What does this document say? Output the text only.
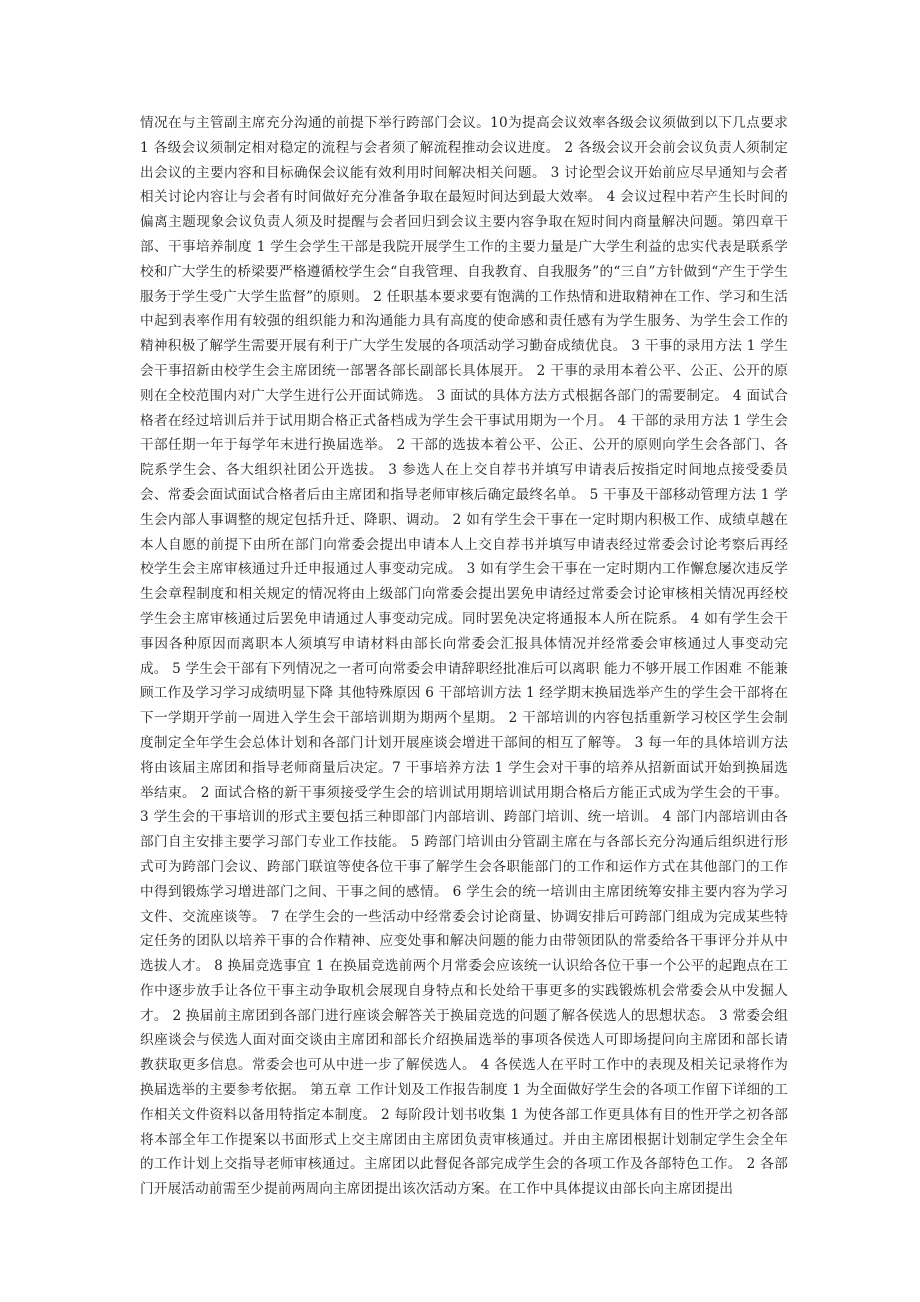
情况在与主管副主席充分沟通的前提下举行跨部门会议。10为提高会议效率各级会议须做到以下几点要求 1 各级会议须制定相对稳定的流程与会者须了解流程推动会议进度。 2 各级会议开会前会议负责人须制定出会议的主要内容和目标确保会议能有效利用时间解决相关问题。 3 讨论型会议开始前应尽早通知与会者相关讨论内容让与会者有时间做好充分准备争取在最短时间达到最大效率。 4 会议过程中若产生长时间的偏离主题现象会议负责人须及时提醒与会者回归到会议主要内容争取在短时间内商量解决问题。第四章干部、干事培养制度 1 学生会学生干部是我院开展学生工作的主要力量是广大学生利益的忠实代表是联系学校和广大学生的桥梁要严格遵循校学生会“自我管理、自我教育、自我服务”的“三自”方针做到“产生于学生服务于学生受广大学生监督”的原则。 2 任职基本要求要有饱满的工作热情和进取精神在工作、学习和生活中起到表率作用有较强的组织能力和沟通能力具有高度的使命感和责任感有为学生服务、为学生会工作的精神积极了解学生需要开展有利于广大学生发展的各项活动学习勤奋成绩优良。 3 干事的录用方法 1 学生会干事招新由校学生会主席团统一部署各部长副部长具体展开。 2 干事的录用本着公平、公正、公开的原则在全校范围内对广大学生进行公开面试筛选。 3 面试的具体方法方式根据各部门的需要制定。 4 面试合格者在经过培训后并于试用期合格正式备档成为学生会干事试用期为一个月。 4 干部的录用方法 1 学生会干部任期一年于每学年末进行换届选举。 2 干部的选拔本着公平、公正、公开的原则向学生会各部门、各院系学生会、各大组织社团公开选拔。 3 参选人在上交自荐书并填写申请表后按指定时间地点接受委员会、常委会面试面试合格者后由主席团和指导老师审核后确定最终名单。 5 干事及干部移动管理方法 1 学生会内部人事调整的规定包括升迁、降职、调动。 2 如有学生会干事在一定时期内积极工作、成绩卓越在本人自愿的前提下由所在部门向常委会提出申请本人上交自荐书并填写申请表经过常委会讨论考察后再经校学生会主席审核通过升迁申报通过人事变动完成。 3 如有学生会干事在一定时期内工作懈怠屡次违反学生会章程制度和相关规定的情况将由上级部门向常委会提出罢免申请经过常委会讨论审核相关情况再经校学生会主席审核通过后罢免申请通过人事变动完成。同时罢免决定将通报本人所在院系。 4 如有学生会干事因各种原因而离职本人须填写申请材料由部长向常委会汇报具体情况并经常委会审核通过人事变动完成。 5 学生会干部有下列情况之一者可向常委会申请辞职经批准后可以离职 能力不够开展工作困难 不能兼顾工作及学习学习成绩明显下降 其他特殊原因 6 干部培训方法 1 经学期末换届选举产生的学生会干部将在下一学期开学前一周进入学生会干部培训期为期两个星期。 2 干部培训的内容包括重新学习校区学生会制度制定全年学生会总体计划和各部门计划开展座谈会增进干部间的相互了解等。 3 每一年的具体培训方法将由该届主席团和指导老师商量后决定。7 干事培养方法 1 学生会对干事的培养从招新面试开始到换届选举结束。 2 面试合格的新干事须接受学生会的培训试用期培训试用期合格后方能正式成为学生会的干事。 3 学生会的干事培训的形式主要包括三种即部门内部培训、跨部门培训、统一培训。 4 部门内部培训由各部门自主安排主要学习部门专业工作技能。 5 跨部门培训由分管副主席在与各部长充分沟通后组织进行形式可为跨部门会议、跨部门联谊等使各位干事了解学生会各职能部门的工作和运作方式在其他部门的工作中得到锻炼学习增进部门之间、干事之间的感情。 6 学生会的统一培训由主席团统筹安排主要内容为学习文件、交流座谈等。 7 在学生会的一些活动中经常委会讨论商量、协调安排后可跨部门组成为完成某些特定任务的团队以培养干事的合作精神、应变处事和解决问题的能力由带领团队的常委给各干事评分并从中选拔人才。 8 换届竞选事宜 1 在换届竞选前两个月常委会应该统一认识给各位干事一个公平的起跑点在工作中逐步放手让各位干事主动争取机会展现自身特点和长处给干事更多的实践锻炼机会常委会从中发掘人才。 2 换届前主席团到各部门进行座谈会解答关于换届竞选的问题了解各侯选人的思想状态。 3 常委会组织座谈会与侯选人面对面交谈由主席团和部长介绍换届选举的事项各侯选人可即场提问向主席团和部长请教获取更多信息。常委会也可从中进一步了解侯选人。 4 各侯选人在平时工作中的表现及相关记录将作为换届选举的主要参考依据。 第五章 工作计划及工作报告制度 1 为全面做好学生会的各项工作留下详细的工作相关文件资料以备用特指定本制度。 2 每阶段计划书收集 1 为使各部工作更具体有目的性开学之初各部将本部全年工作提案以书面形式上交主席团由主席团负责审核通过。并由主席团根据计划制定学生会全年的工作计划上交指导老师审核通过。主席团以此督促各部完成学生会的各项工作及各部特色工作。 2 各部门开展活动前需至少提前两周向主席团提出该次活动方案。在工作中具体提议由部长向主席团提出
